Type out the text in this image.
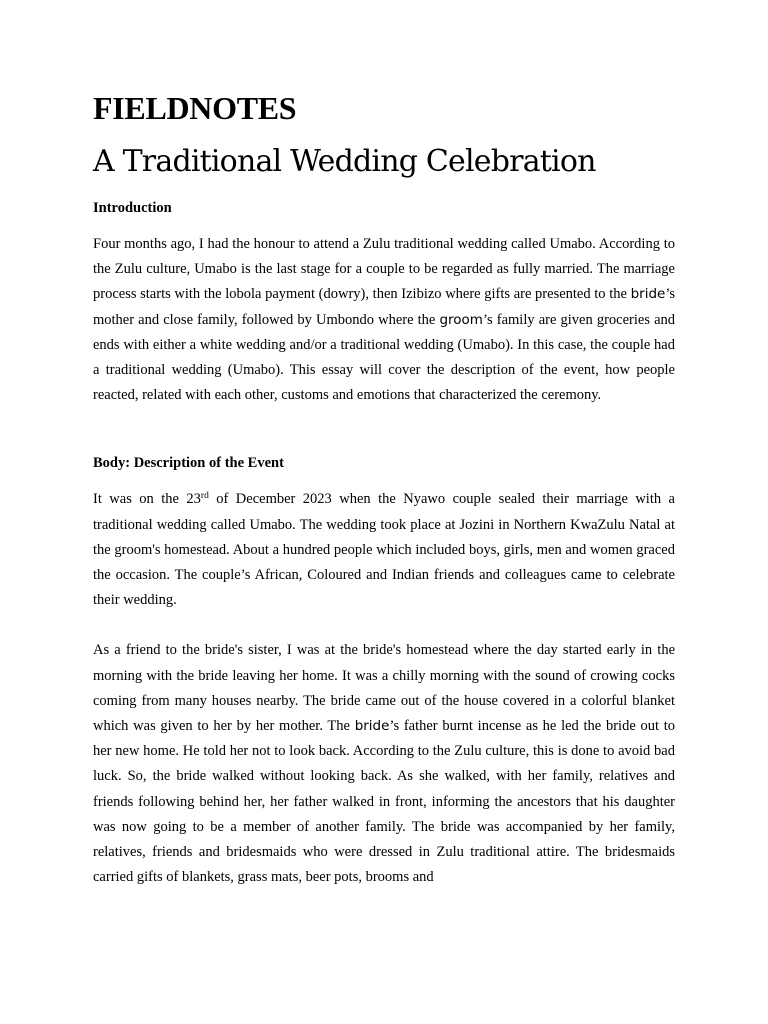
FIELDNOTES
A Traditional Wedding Celebration
Introduction

Four months ago, I had the honour to attend a Zulu traditional wedding called Umabo. According to the Zulu culture, Umabo is the last stage for a couple to be regarded as fully married. The marriage process starts with the lobola payment (dowry), then Izibizo where gifts are presented to the bride’s mother and close family, followed by Umbondo where the groom’s family are given groceries and ends with either a white wedding and/or a traditional wedding (Umabo). In this case, the couple had a traditional wedding (Umabo). This essay will cover the description of the event, how people reacted, related with each other, customs and emotions that characterized the ceremony.

Body: Description of the Event

It was on the 23rd of December 2023 when the Nyawo couple sealed their marriage with a traditional wedding called Umabo. The wedding took place at Jozini in Northern KwaZulu Natal at the groom's homestead. About a hundred people which included boys, girls, men and women graced the occasion. The couple’s African, Coloured and Indian friends and colleagues came to celebrate their wedding.

As a friend to the bride's sister, I was at the bride's homestead where the day started early in the morning with the bride leaving her home. It was a chilly morning with the sound of crowing cocks coming from many houses nearby. The bride came out of the house covered in a colorful blanket which was given to her by her mother. The bride’s father burnt incense as he led the bride out to her new home. He told her not to look back. According to the Zulu culture, this is done to avoid bad luck. So, the bride walked without looking back. As she walked, with her family, relatives and friends following behind her, her father walked in front, informing the ancestors that his daughter was now going to be a member of another family. The bride was accompanied by her family, relatives, friends and bridesmaids who were dressed in Zulu traditional attire. The bridesmaids carried gifts of blankets, grass mats, beer pots, brooms and
